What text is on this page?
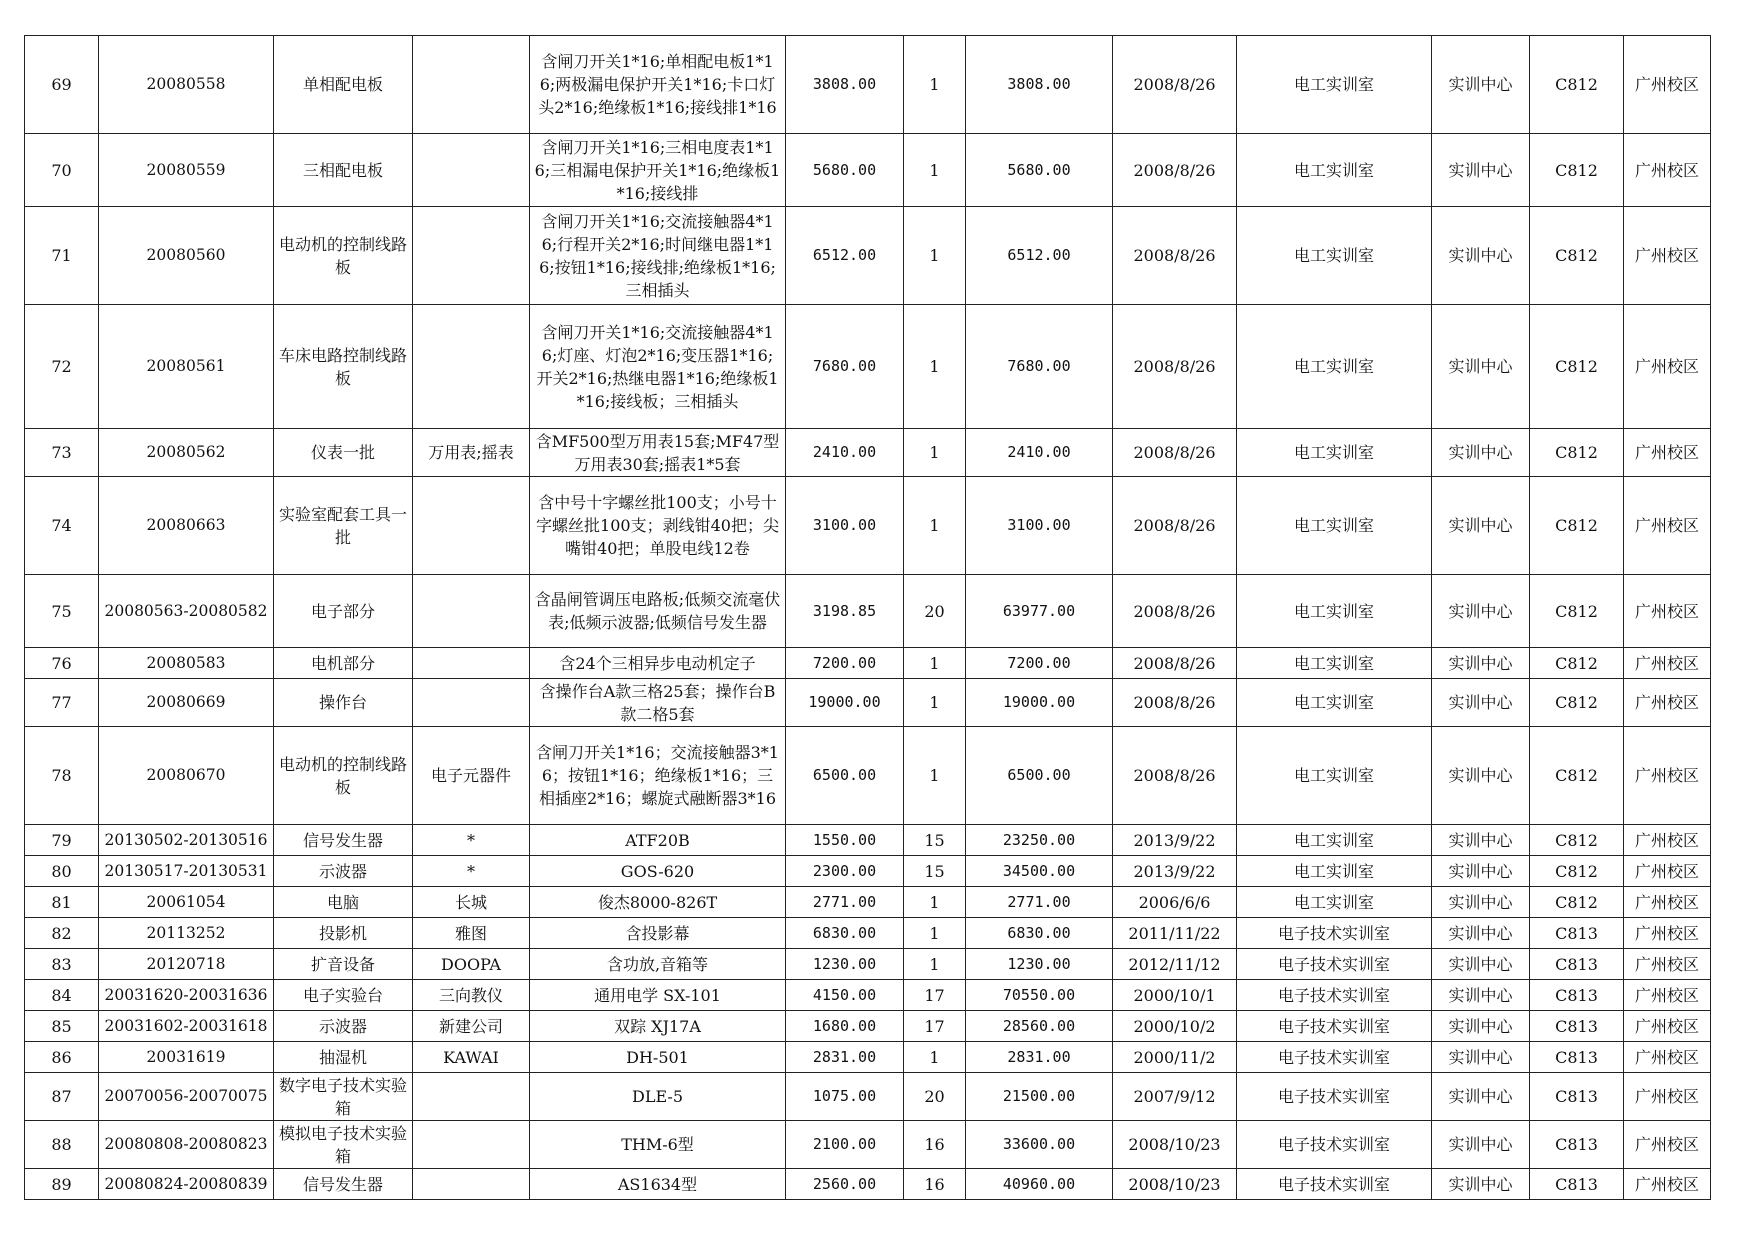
69	20080558	单相配电板		含闸刀开关1*16;单相配电板1*16;两极漏电保护开关1*16;卡口灯头2*16;绝缘板1*16;接线排1*16	3808.00	1	3808.00	2008/8/26	电工实训室	实训中心	C812	广州校区
70	20080559	三相配电板		含闸刀开关1*16;三相电度表1*16;三相漏电保护开关1*16;绝缘板1*16;接线排	5680.00	1	5680.00	2008/8/26	电工实训室	实训中心	C812	广州校区
71	20080560	电动机的控制线路板		含闸刀开关1*16;交流接触器4*16;行程开关2*16;时间继电器1*16;按钮1*16;接线排;绝缘板1*16;三相插头	6512.00	1	6512.00	2008/8/26	电工实训室	实训中心	C812	广州校区
72	20080561	车床电路控制线路板		含闸刀开关1*16;交流接触器4*16;灯座、灯泡2*16;变压器1*16;开关2*16;热继电器1*16;绝缘板1*16;接线板；三相插头	7680.00	1	7680.00	2008/8/26	电工实训室	实训中心	C812	广州校区
73	20080562	仪表一批	万用表;摇表	含MF500型万用表15套;MF47型万用表30套;摇表1*5套	2410.00	1	2410.00	2008/8/26	电工实训室	实训中心	C812	广州校区
74	20080663	实验室配套工具一批		含中号十字螺丝批100支；小号十字螺丝批100支；剥线钳40把；尖嘴钳40把；单股电线12卷	3100.00	1	3100.00	2008/8/26	电工实训室	实训中心	C812	广州校区
75	20080563-20080582	电子部分		含晶闸管调压电路板;低频交流毫伏表;低频示波器;低频信号发生器	3198.85	20	63977.00	2008/8/26	电工实训室	实训中心	C812	广州校区
76	20080583	电机部分		含24个三相异步电动机定子	7200.00	1	7200.00	2008/8/26	电工实训室	实训中心	C812	广州校区
77	20080669	操作台		含操作台A款三格25套；操作台B款二格5套	19000.00	1	19000.00	2008/8/26	电工实训室	实训中心	C812	广州校区
78	20080670	电动机的控制线路板	电子元器件	含闸刀开关1*16；交流接触器3*16；按钮1*16；绝缘板1*16；三相插座2*16；螺旋式融断器3*16	6500.00	1	6500.00	2008/8/26	电工实训室	实训中心	C812	广州校区
79	20130502-20130516	信号发生器	*	ATF20B	1550.00	15	23250.00	2013/9/22	电工实训室	实训中心	C812	广州校区
80	20130517-20130531	示波器	*	GOS-620	2300.00	15	34500.00	2013/9/22	电工实训室	实训中心	C812	广州校区
81	20061054	电脑	长城	俊杰8000-826T	2771.00	1	2771.00	2006/6/6	电工实训室	实训中心	C812	广州校区
82	20113252	投影机	雅图	含投影幕	6830.00	1	6830.00	2011/11/22	电子技术实训室	实训中心	C813	广州校区
83	20120718	扩音设备	DOOPA	含功放,音箱等	1230.00	1	1230.00	2012/11/12	电子技术实训室	实训中心	C813	广州校区
84	20031620-20031636	电子实验台	三向教仪	通用电学 SX-101	4150.00	17	70550.00	2000/10/1	电子技术实训室	实训中心	C813	广州校区
85	20031602-20031618	示波器	新建公司	双踪 XJ17A	1680.00	17	28560.00	2000/10/2	电子技术实训室	实训中心	C813	广州校区
86	20031619	抽湿机	KAWAI	DH-501	2831.00	1	2831.00	2000/11/2	电子技术实训室	实训中心	C813	广州校区
87	20070056-20070075	数字电子技术实验箱		DLE-5	1075.00	20	21500.00	2007/9/12	电子技术实训室	实训中心	C813	广州校区
88	20080808-20080823	模拟电子技术实验箱		THM-6型	2100.00	16	33600.00	2008/10/23	电子技术实训室	实训中心	C813	广州校区
89	20080824-20080839	信号发生器		AS1634型	2560.00	16	40960.00	2008/10/23	电子技术实训室	实训中心	C813	广州校区
